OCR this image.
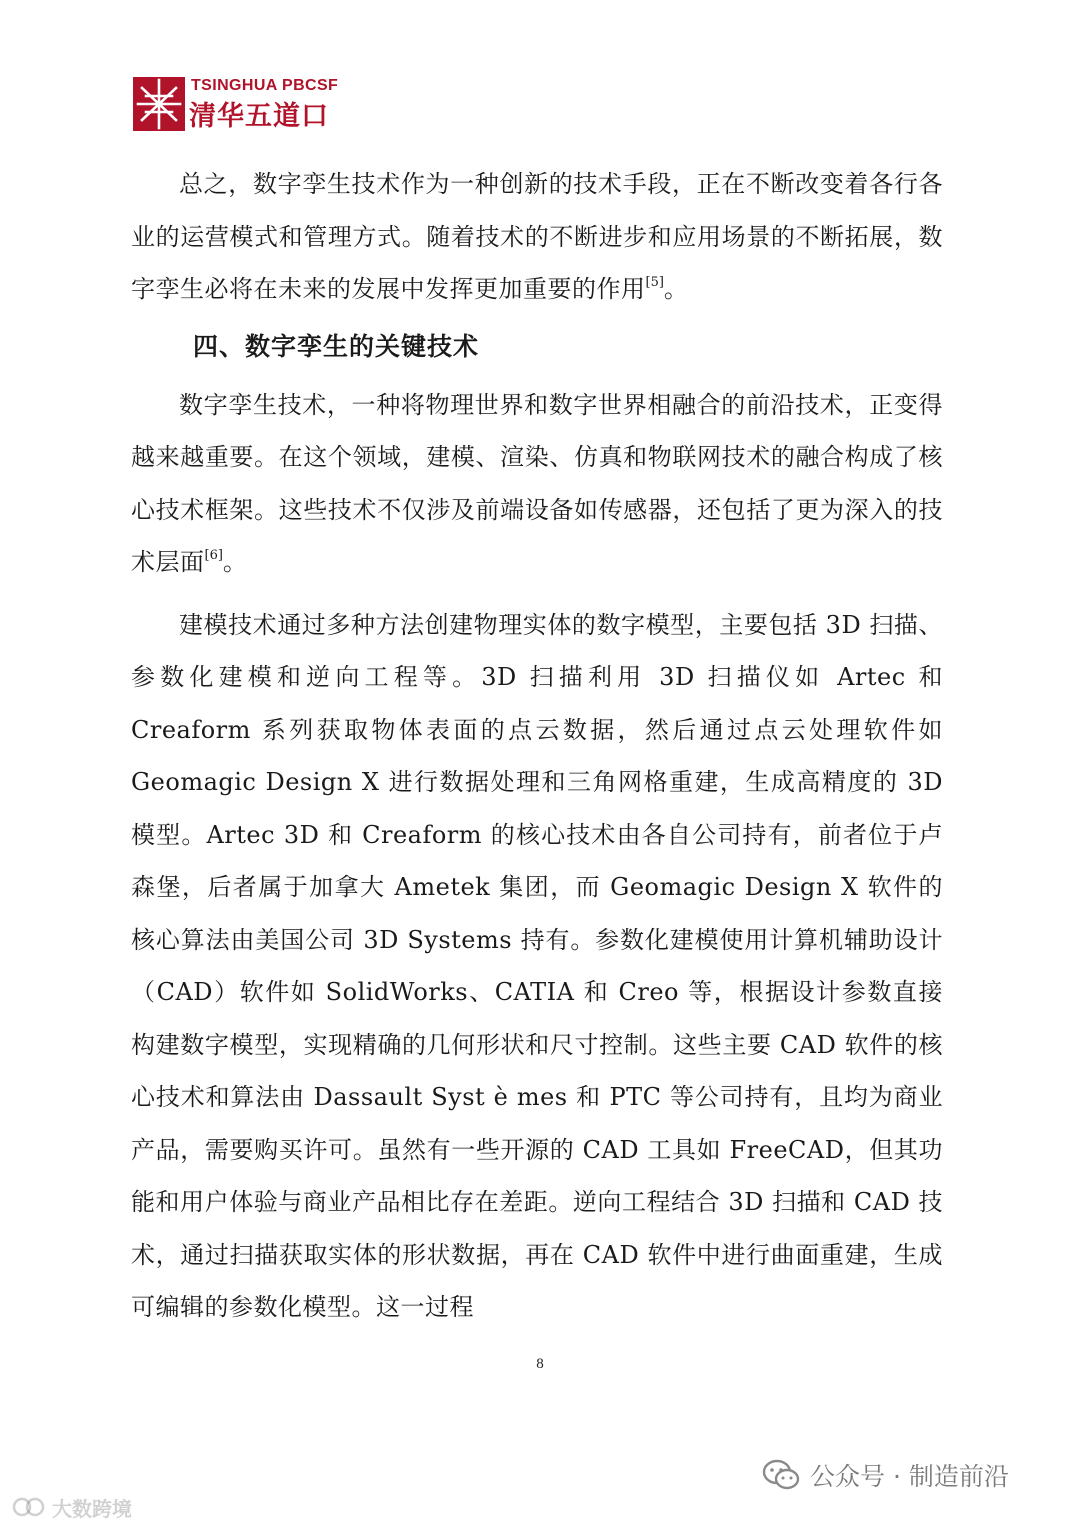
TSINGHUA PBCSF
清华五道口

总之，数字孪生技术作为一种创新的技术手段，正在不断改变着各行各业的运营模式和管理方式。随着技术的不断进步和应用场景的不断拓展，数字孪生必将在未来的发展中发挥更加重要的作用[5]。

四、数字孪生的关键技术

数字孪生技术，一种将物理世界和数字世界相融合的前沿技术，正变得越来越重要。在这个领域，建模、渲染、仿真和物联网技术的融合构成了核心技术框架。这些技术不仅涉及前端设备如传感器，还包括了更为深入的技术层面[6]。

建模技术通过多种方法创建物理实体的数字模型，主要包括 3D 扫描、参数化建模和逆向工程等。3D 扫描利用 3D 扫描仪如 Artec 和 Creaform 系列获取物体表面的点云数据，然后通过点云处理软件如 Geomagic Design X 进行数据处理和三角网格重建，生成高精度的 3D 模型。Artec 3D 和 Creaform 的核心技术由各自公司持有，前者位于卢森堡，后者属于加拿大 Ametek 集团，而 Geomagic Design X 软件的核心算法由美国公司 3D Systems 持有。参数化建模使用计算机辅助设计（CAD）软件如 SolidWorks、CATIA 和 Creo 等，根据设计参数直接构建数字模型，实现精确的几何形状和尺寸控制。这些主要 CAD 软件的核心技术和算法由 Dassault Syst è mes 和 PTC 等公司持有，且均为商业产品，需要购买许可。虽然有一些开源的 CAD 工具如 FreeCAD，但其功能和用户体验与商业产品相比存在差距。逆向工程结合 3D 扫描和 CAD 技术，通过扫描获取实体的形状数据，再在 CAD 软件中进行曲面重建，生成可编辑的参数化模型。这一过程

8
公众号 · 制造前沿
大数跨境
